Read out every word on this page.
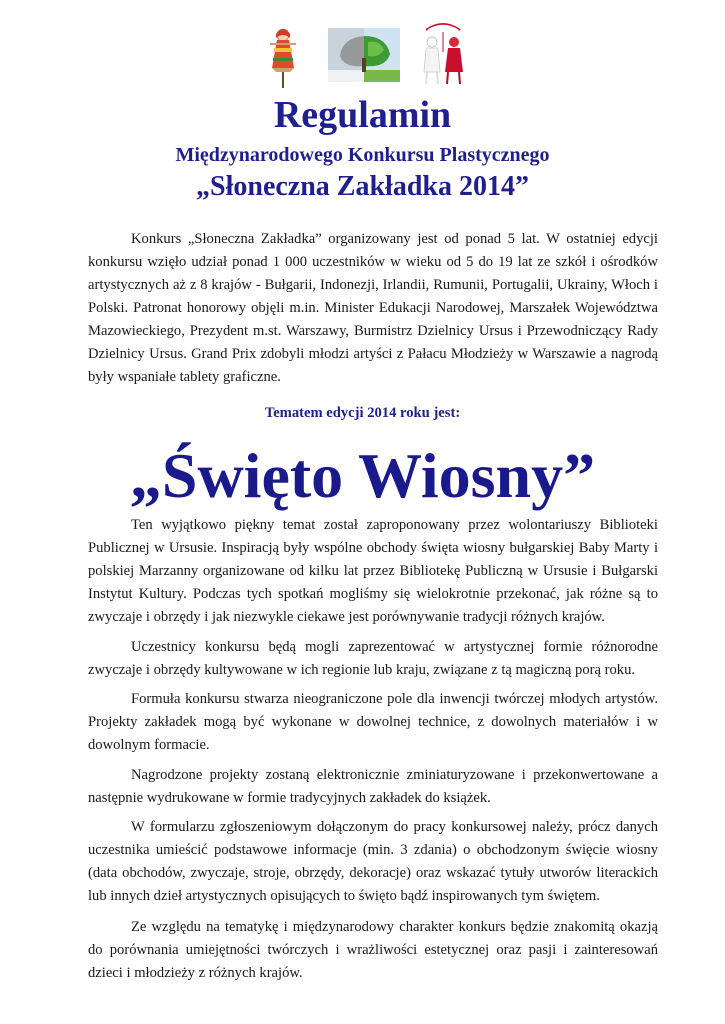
Regulamin
Międzynarodowego Konkursu Plastycznego
„Słoneczna Zakładka 2014”

Konkurs „Słoneczna Zakładka” organizowany jest od ponad 5 lat. W ostatniej edycji konkursu wzięło udział ponad 1 000 uczestników w wieku od 5 do 19 lat ze szkół i ośrodków artystycznych aż z 8 krajów - Bułgarii, Indonezji, Irlandii, Rumunii, Portugalii, Ukrainy, Włoch i Polski. Patronat honorowy objęli m.in. Minister Edukacji Narodowej, Marszałek Województwa Mazowieckiego, Prezydent m.st. Warszawy, Burmistrz Dzielnicy Ursus i Przewodniczący Rady Dzielnicy Ursus. Grand Prix zdobyli młodzi artyści z Pałacu Młodzieży w Warszawie a nagrodą były wspaniałe tablety graficzne.

Tematem edycji 2014 roku jest:

„Święto Wiosny”

Ten wyjątkowo piękny temat został zaproponowany przez wolontariuszy Biblioteki Publicznej w Ursusie. Inspiracją były wspólne obchody święta wiosny bułgarskiej Baby Marty i polskiej Marzanny organizowane od kilku lat przez Bibliotekę Publiczną w Ursusie i Bułgarski Instytut Kultury. Podczas tych spotkań mogliśmy się wielokrotnie przekonać, jak różne są to zwyczaje i obrzędy i jak niezwykle ciekawe jest porównywanie tradycji różnych krajów.

Uczestnicy konkursu będą mogli zaprezentować w artystycznej formie różnorodne zwyczaje i obrzędy kultywowane w ich regionie lub kraju, związane z tą magiczną porą roku.

Formuła konkursu stwarza nieograniczone pole dla inwencji twórczej młodych artystów. Projekty zakładek mogą być wykonane w dowolnej technice, z dowolnych materiałów i w dowolnym formacie.

Nagrodzone projekty zostaną elektronicznie zminiaturyzowane i przekonwertowane a następnie wydrukowane w formie tradycyjnych zakładek do książek.

W formularzu zgłoszeniowym dołączonym do pracy konkursowej należy, prócz danych uczestnika umieścić podstawowe informacje (min. 3 zdania) o obchodzonym święcie wiosny (data obchodów, zwyczaje, stroje, obrzędy, dekoracje) oraz wskazać tytuły utworów literackich lub innych dzieł artystycznych opisujących to święto bądź inspirowanych tym świętem.

Ze względu na tematykę i międzynarodowy charakter konkurs będzie znakomitą okazją do porównania umiejętności twórczych i wrażliwości estetycznej oraz pasji i zainteresowań dzieci i młodzieży z różnych krajów.
